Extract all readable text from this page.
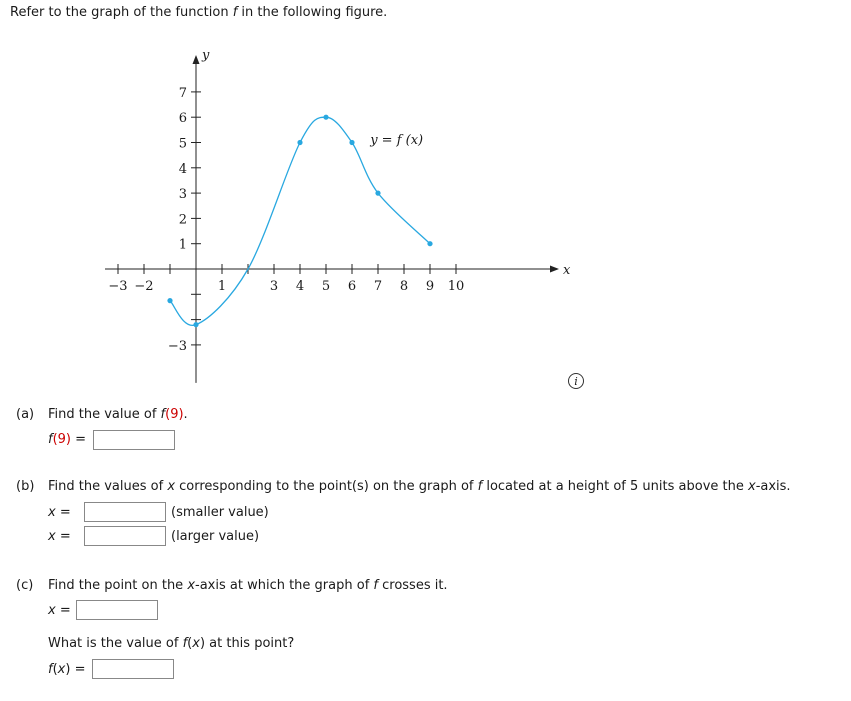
Refer to the graph of the function f in the following figure.
x
y
−3 −2	1	3 4 5 6 7 8 9 10
1
2
3
4
5
6
7
−3
y = f (x)
i
(a) Find the value of f(9).
f(9) =
(b) Find the values of x corresponding to the point(s) on the graph of f located at a height of 5 units above the x-axis.
x =	(smaller value)
x =	(larger value)
(c) Find the point on the x-axis at which the graph of f crosses it.
x =
What is the value of f(x) at this point?
f(x) =
